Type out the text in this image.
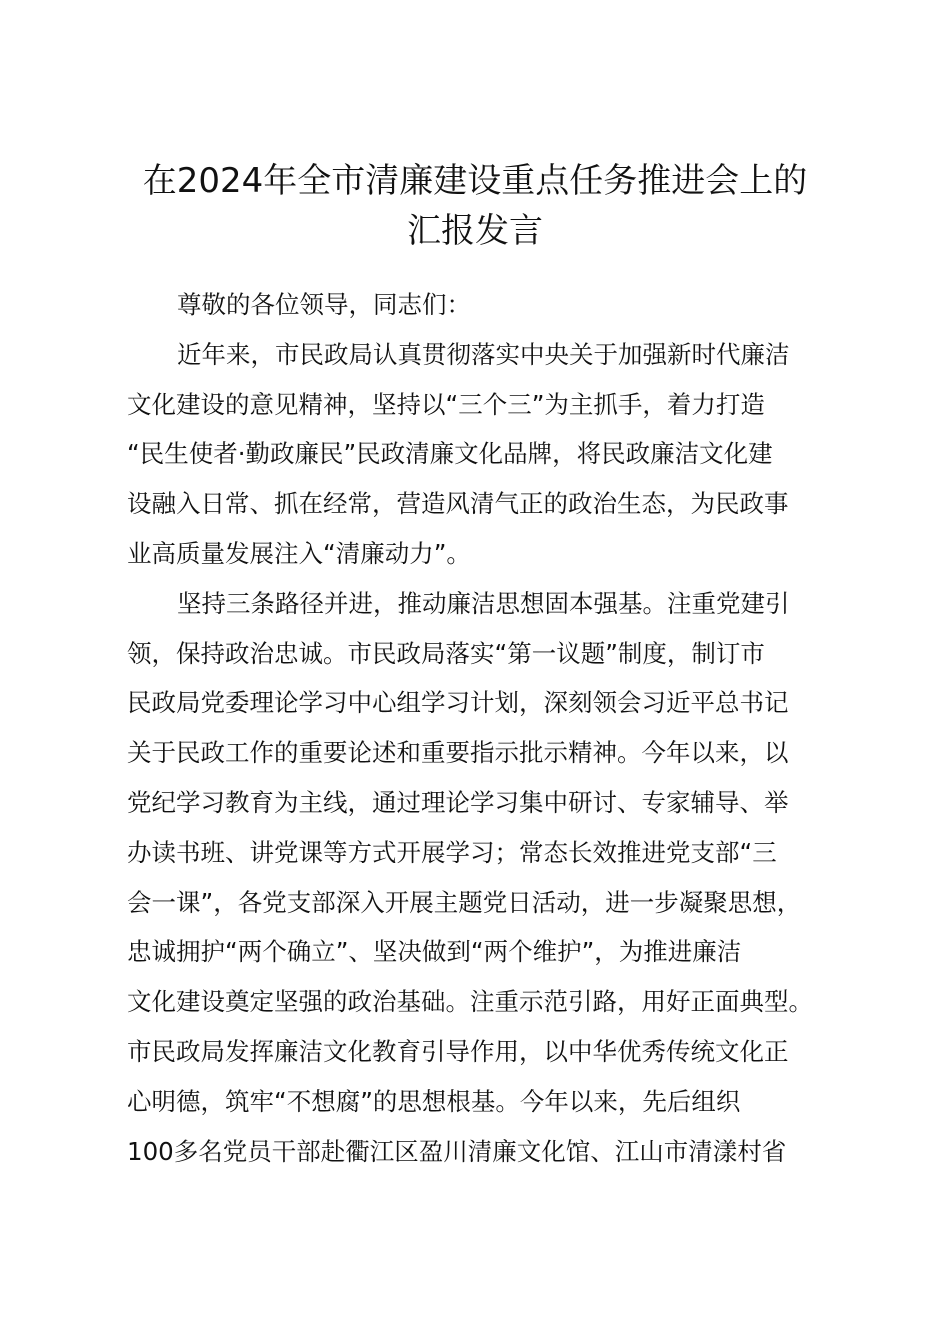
在2024年全市清廉建设重点任务推进会上的
汇报发言
尊敬的各位领导，同志们：
近年来，市民政局认真贯彻落实中央关于加强新时代廉洁
文化建设的意见精神，坚持以“三个三”为主抓手，着力打造
“民生使者·勤政廉民”民政清廉文化品牌，将民政廉洁文化建
设融入日常、抓在经常，营造风清气正的政治生态，为民政事
业高质量发展注入“清廉动力”。
坚持三条路径并进，推动廉洁思想固本强基。注重党建引
领，保持政治忠诚。市民政局落实“第一议题”制度，制订市
民政局党委理论学习中心组学习计划，深刻领会习近平总书记
关于民政工作的重要论述和重要指示批示精神。今年以来，以
党纪学习教育为主线，通过理论学习集中研讨、专家辅导、举
办读书班、讲党课等方式开展学习；常态长效推进党支部“三
会一课”，各党支部深入开展主题党日活动，进一步凝聚思想，
忠诚拥护“两个确立”、坚决做到“两个维护”，为推进廉洁
文化建设奠定坚强的政治基础。注重示范引路，用好正面典型。
市民政局发挥廉洁文化教育引导作用，以中华优秀传统文化正
心明德，筑牢“不想腐”的思想根基。今年以来，先后组织
100多名党员干部赴衢江区盈川清廉文化馆、江山市清漾村省
